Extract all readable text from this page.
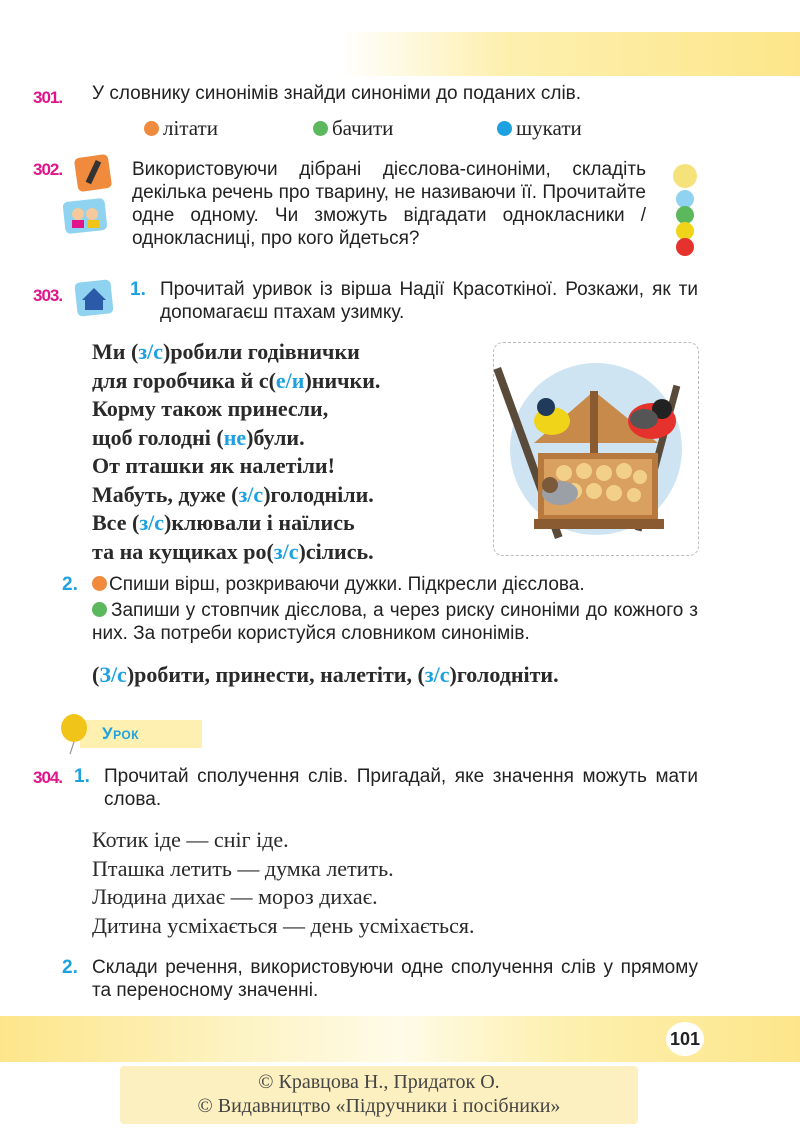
301. У словнику синонімів знайди синоніми до поданих слів.
літати	бачити	шукати
302.	Використовуючи дібрані дієслова-синоніми, складіть декілька речень про тварину, не називаючи її. Прочитайте одне одному. Чи зможуть відгадати однокласники / однокласниці, про кого йдеться?
303.	1. Прочитай уривок із вірша Надії Красоткіної. Розкажи, як ти допомагаєш птахам узимку.
Ми (з/с)робили годівнички
для горобчика й с(е/и)нички.
Корму також принесли,
щоб голодні (не)були.
От пташки як налетіли!
Мабуть, дуже (з/с)голодніли.
Все (з/с)клювали і наїлись
та на кущиках ро(з/с)сілись.
2.	Спиши вірш, розкриваючи дужки. Підкресли дієслова.
Запиши у стовпчик дієслова, а через риску синоніми до кожного з них. За потреби користуйся словником синонімів.
(З/с)робити, принести, налетіти, (з/с)голодніти.
Урок
304. 1. Прочитай сполучення слів. Пригадай, яке значення можуть мати слова.
Котик іде — сніг іде.
Пташка летить — думка летить.
Людина дихає — мороз дихає.
Дитина усміхається — день усміхається.
2. Склади речення, використовуючи одне сполучення слів у прямому та переносному значенні.
101
© Кравцова Н., Придаток О.
© Видавництво «Підручники і посібники»
